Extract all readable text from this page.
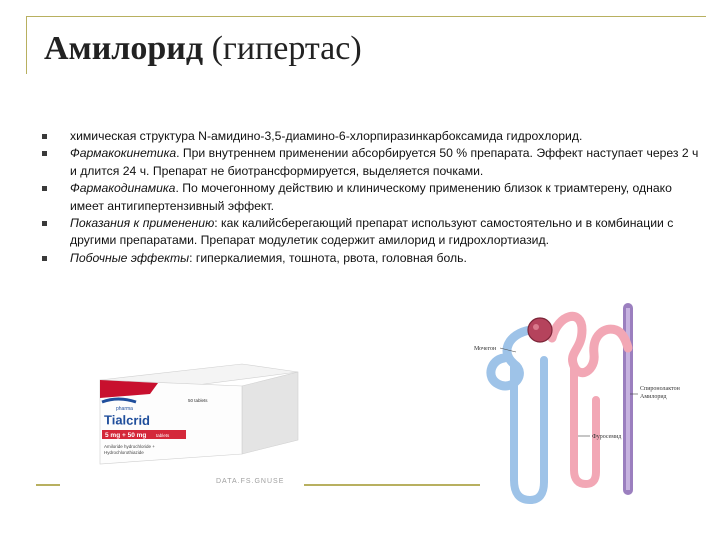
Амилорид (гипертас)
химическая структура N-амидино-3,5-диамино-6-хлорпиразинкарбоксамида гидрохлорид.
Фармакокинетика. При внутреннем применении абсорбируется 50 % препарата. Эффект наступает через 2 ч и длится 24 ч. Препарат не биотрансформируется, выделяется почками.
Фармакодинамика. По мочегонному действию и клиническому применению близок к триамтерену, однако имеет антигипертензивный эффект.
Показания к применению: как калийсберегающий препарат используют самостоятельно и в комбинации с другими препаратами. Препарат модулетик содержит амилорид и гидрохлортиазид.
Побочные эффекты: гиперкалиемия, тошнота, рвота, головная боль.
pharma
Tialcrid
50 tablets
5 mg + 50 mg tablets
Amiloride hydrochloride +
Hydrochlorothiazide
DATA.FS.GNUSE
Мочегон
Спиронолактон
Амилорид
Фуросемид
